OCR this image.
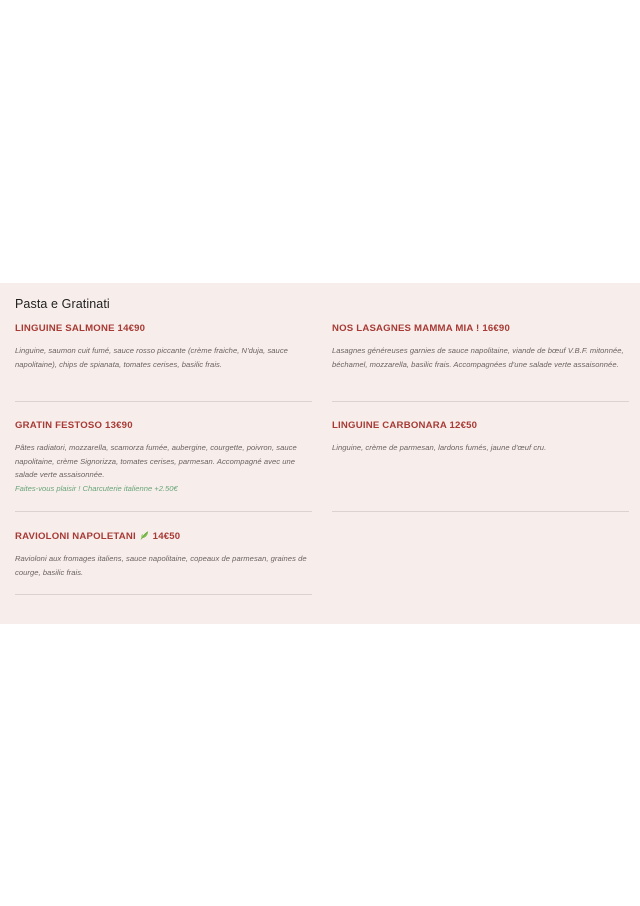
Pasta e Gratinati
LINGUINE SALMONE 14€90
Linguine, saumon cuit fumé, sauce rosso piccante (crème fraiche, N'duja, sauce napolitaine), chips de spianata, tomates cerises, basilic frais.
NOS LASAGNES MAMMA MIA ! 16€90
Lasagnes généreuses garnies de sauce napolitaine, viande de bœuf V.B.F. mitonnée, béchamel, mozzarella, basilic frais. Accompagnées d'une salade verte assaisonnée.
GRATIN FESTOSO 13€90
Pâtes radiatori, mozzarella, scamorza fumée, aubergine, courgette, poivron, sauce napolitaine, crème Signorizza, tomates cerises, parmesan. Accompagné avec une salade verte assaisonnée.
Faites-vous plaisir ! Charcuterie italienne +2.50€
LINGUINE CARBONARA 12€50
Linguine, crème de parmesan, lardons fumés, jaune d'œuf cru.
RAVIOLONI NAPOLETANI 14€50
Ravioloni aux fromages italiens, sauce napolitaine, copeaux de parmesan, graines de courge, basilic frais.
